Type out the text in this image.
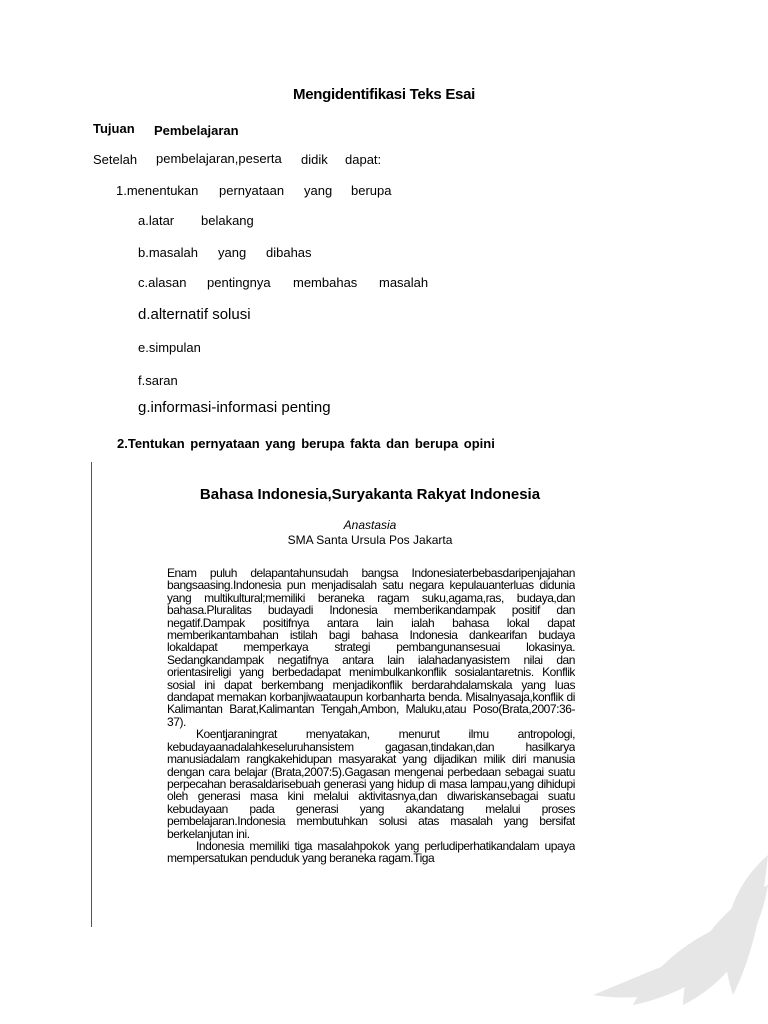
Mengidentifikasi Teks Esai
Tujuan Pembelajaran
Setelah pembelajaran,peserta didik dapat:
1.menentukan pernyataan yang berupa
a.latar belakang
b.masalah yang dibahas
c.alasan pentingnya membahas masalah
d.alternatif solusi
e.simpulan
f.saran
g.informasi-informasi penting
2.Tentukan pernyataan yang berupa fakta dan berupa opini
Bahasa Indonesia,Suryakanta Rakyat Indonesia
Anastasia
SMA Santa Ursula Pos Jakarta

Enam puluh delapantahunsudah bangsa Indonesiaterbebasdaripenjajahan bangsaasing.Indonesia pun menjadisalah satu negara kepulauanterluas didunia yang multikultural;memiliki beraneka ragam suku,agama,ras, budaya,dan bahasa.Pluralitas budayadi Indonesia memberikandampak positif dan negatif.Dampak positifnya antara lain ialah bahasa lokal dapat memberikantambahan istilah bagi bahasa Indonesia dankearifan budaya lokaldapat memperkaya strategi pembangunansesuai lokasinya. Sedangkandampak negatifnya antara lain ialahadanyasistem nilai dan orientasireligi yang berbedadapat menimbulkankonflik sosialantaretnis. Konflik sosial ini dapat berkembang menjadikonflik berdarahdalamskala yang luas dandapat memakan korbanjiwaataupun korbanharta benda. Misalnyasaja,konflik di Kalimantan Barat,Kalimantan Tengah,Ambon, Maluku,atau Poso(Brata,2007:36-37).

Koentjaraningrat menyatakan, menurut ilmu antropologi, kebudayaanadalahkeseluruhansistem gagasan,tindakan,dan hasilkarya manusiadalam rangkakehidupan masyarakat yang dijadikan milik diri manusia dengan cara belajar (Brata,2007:5).Gagasan mengenai perbedaan sebagai suatu perpecahan berasaldarisebuah generasi yang hidup di masa lampau,yang dihidupi oleh generasi masa kini melalui aktivitasnya,dan diwariskansebagai suatu kebudayaan pada generasi yang akandatang melalui proses pembelajaran.Indonesia membutuhkan solusi atas masalah yang bersifat berkelanjutan ini.

Indonesia memiliki tiga masalahpokok yang perludiperhatikandalam upaya mempersatukan penduduk yang beraneka ragam.Tiga
